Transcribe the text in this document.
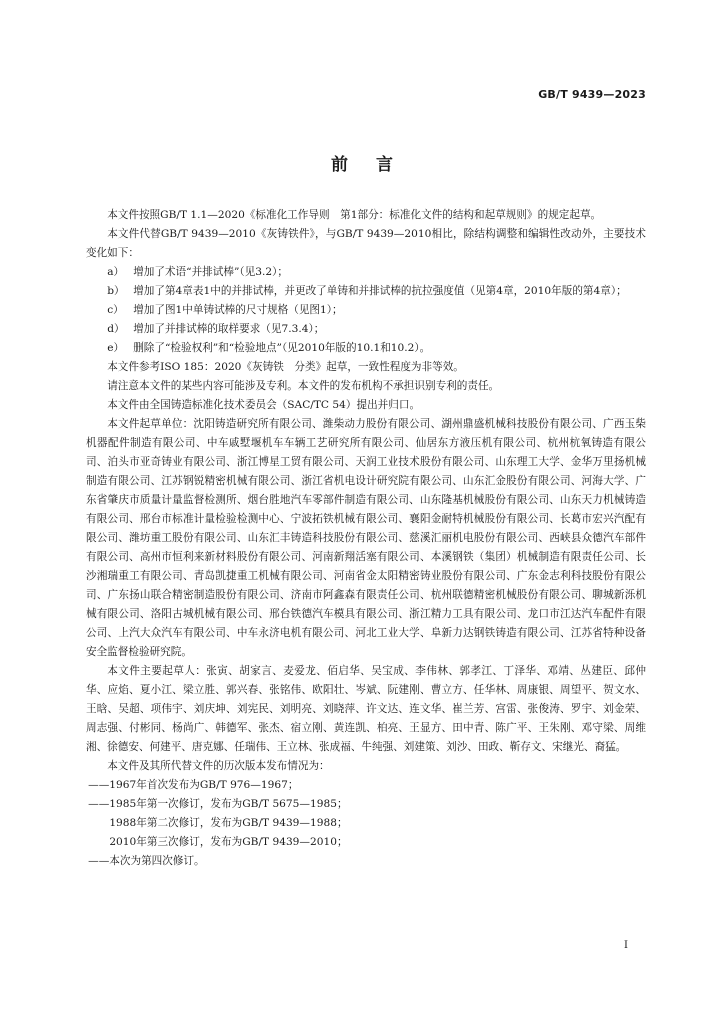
GB/T 9439—2023
前言

本文件按照GB/T 1.1—2020《标准化工作导则　第1部分：标准化文件的结构和起草规则》的规定起草。

本文件代替GB/T 9439—2010《灰铸铁件》，与GB/T 9439—2010相比，除结构调整和编辑性改动外，主要技术变化如下：

a） 增加了术语“并排试棒”（见3.2）；
b） 增加了第4章表1中的并排试棒，并更改了单铸和并排试棒的抗拉强度值（见第4章，2010年版的第4章）；
c） 增加了图1中单铸试棒的尺寸规格（见图1）；
d） 增加了并排试棒的取样要求（见7.3.4）；
e） 删除了“检验权利”和“检验地点”（见2010年版的10.1和10.2）。

本文件参考ISO 185：2020《灰铸铁　分类》起草，一致性程度为非等效。

请注意本文件的某些内容可能涉及专利。本文件的发布机构不承担识别专利的责任。

本文件由全国铸造标准化技术委员会（SAC/TC 54）提出并归口。

本文件起草单位：沈阳铸造研究所有限公司、潍柴动力股份有限公司、湖州鼎盛机械科技股份有限公司、广西玉柴机器配件制造有限公司、中车戚墅堰机车车辆工艺研究所有限公司、仙居东方液压机有限公司、杭州杭氧铸造有限公司、泊头市亚奇铸业有限公司、浙江博星工贸有限公司、天润工业技术股份有限公司、山东理工大学、金华万里扬机械制造有限公司、江苏钢锐精密机械有限公司、浙江省机电设计研究院有限公司、山东汇金股份有限公司、河海大学、广东省肇庆市质量计量监督检测所、烟台胜地汽车零部件制造有限公司、山东隆基机械股份有限公司、山东天力机械铸造有限公司、邢台市标准计量检验检测中心、宁波拓铁机械有限公司、襄阳金耐特机械股份有限公司、长葛市宏兴汽配有限公司、潍坊重工股份有限公司、山东汇丰铸造科技股份有限公司、慈溪汇丽机电股份有限公司、西峡县众德汽车部件有限公司、高州市恒利来新材料股份有限公司、河南新翔活塞有限公司、本溪钢铁（集团）机械制造有限责任公司、长沙湘瑞重工有限公司、青岛凯捷重工机械有限公司、河南省金太阳精密铸业股份有限公司、广东金志利科技股份有限公司、广东扬山联合精密制造股份有限公司、济南市阿鑫森有限责任公司、杭州联德精密机械股份有限公司、聊城新泺机械有限公司、洛阳古城机械有限公司、邢台铁德汽车模具有限公司、浙江精力工具有限公司、龙口市江达汽车配件有限公司、上汽大众汽车有限公司、中车永济电机有限公司、河北工业大学、阜新力达钢铁铸造有限公司、江苏省特种设备安全监督检验研究院。

本文件主要起草人：张寅、胡家言、麦爱龙、佰启华、吴宝成、李伟林、郭孝江、丁泽华、邓靖、丛建臣、邱仲华、应焰、夏小江、梁立胜、郭兴春、张铭伟、欧阳壮、岑斌、阮建刚、曹立方、任华林、周康银、周望平、贺文水、王晗、吴超、项伟宇、刘庆坤、刘宪民、刘明亮、刘晓萍、许文达、连文华、崔兰芳、宫雷、张俊涛、罗宇、刘金荣、周志强、付彬同、杨尚广、韩德军、张杰、宿立刚、黄连凯、柏亮、王显方、田中青、陈广平、王朱刚、邓守梁、周维湘、徐德安、何建平、唐克娜、任瑞伟、王立林、张成福、牛纯强、刘建策、刘沙、田政、靳存文、宋继光、裔猛。

本文件及其所代替文件的历次版本发布情况为：

——1967年首次发布为GB/T 976—1967；
——1985年第一次修订，发布为GB/T 5675—1985；
1988年第二次修订，发布为GB/T 9439—1988；
2010年第三次修订，发布为GB/T 9439—2010；
——本次为第四次修订。
I
